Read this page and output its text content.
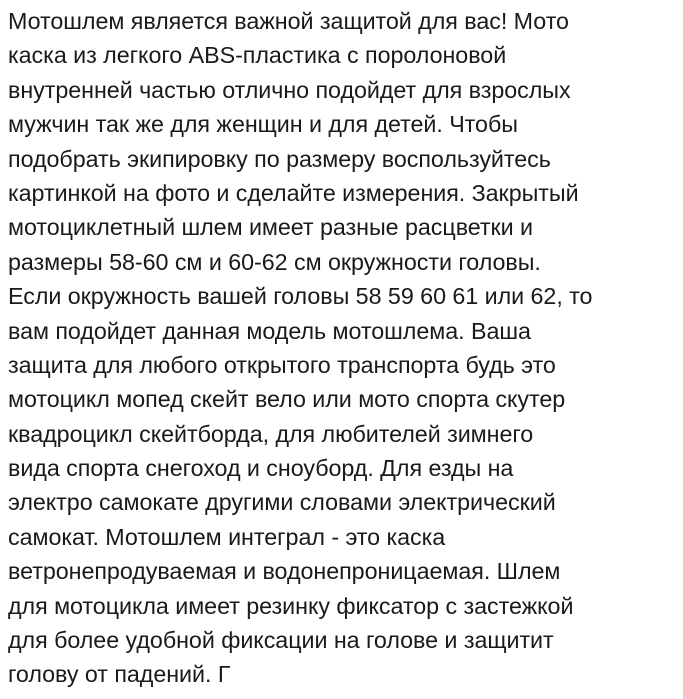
Мотошлем является важной защитой для вас! Мото
каска из легкого ABS-пластика с поролоновой
внутренней частью отлично подойдет для взрослых
мужчин так же для женщин и для детей. Чтобы
подобрать экипировку по размеру воспользуйтесь
картинкой на фото и сделайте измерения. Закрытый
мотоциклетный шлем имеет разные расцветки и
размеры 58-60 см и 60-62 см окружности головы.
Если окружность вашей головы 58 59 60 61 или 62, то
вам подойдет данная модель мотошлема. Ваша
защита для любого открытого транспорта будь это
мотоцикл мопед скейт вело или мото спорта скутер
квадроцикл скейтборда, для любителей зимнего
вида спорта снегоход и сноуборд. Для езды на
электро самокате другими словами электрический
самокат. Мотошлем интеграл - это каска
ветронепродуваемая и водонепроницаемая. Шлем
для мотоцикла имеет резинку фиксатор с застежкой
для более удобной фиксации на голове и защитит
голову от падений. Г
